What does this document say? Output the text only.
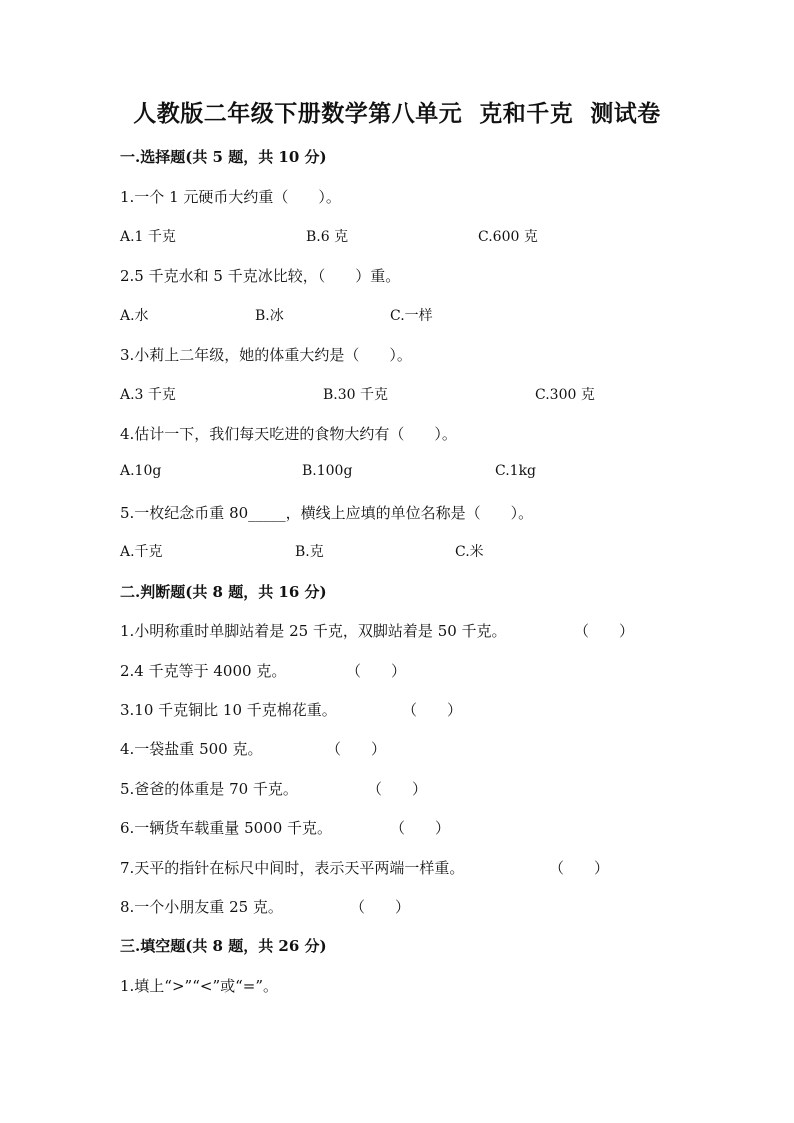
人教版二年级下册数学第八单元  克和千克  测试卷
一.选择题(共 5 题，共 10 分)
1.一个 1 元硬币大约重（　　）。
A.1 千克	B.6 克	C.600 克
2.5 千克水和 5 千克冰比较，（　　）重。
A.水	B.冰	C.一样
3.小莉上二年级，她的体重大约是（　　）。
A.3 千克	B.30 千克	C.300 克
4.估计一下，我们每天吃进的食物大约有（　　）。
A.10g	B.100g	C.1kg
5.一枚纪念币重 80_____，横线上应填的单位名称是（　　）。
A.千克	B.克	C.米
二.判断题(共 8 题，共 16 分)
1.小明称重时单脚站着是 25 千克，双脚站着是 50 千克。	（　　）
2.4 千克等于 4000 克。	（　　）
3.10 千克铜比 10 千克棉花重。	（　　）
4.一袋盐重 500 克。	（　　）
5.爸爸的体重是 70 千克。	（　　）
6.一辆货车载重量 5000 千克。	（　　）
7.天平的指针在标尺中间时，表示天平两端一样重。	（　　）
8.一个小朋友重 25 克。	（　　）
三.填空题(共 8 题，共 26 分)
1.填上“>”“<”或“=”。
